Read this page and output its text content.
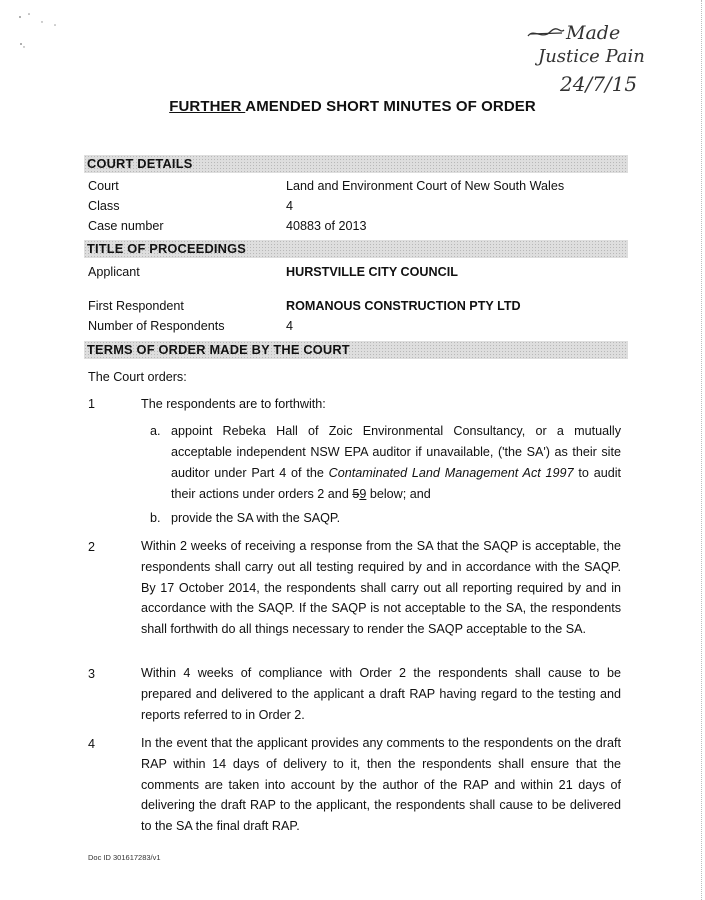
Made
Justice Pain
24/7/15
FURTHER AMENDED SHORT MINUTES OF ORDER
COURT DETAILS
Court	Land and Environment Court of New South Wales
Class	4
Case number	40883 of 2013
TITLE OF PROCEEDINGS
Applicant	HURSTVILLE CITY COUNCIL
First Respondent	ROMANOUS CONSTRUCTION PTY LTD
Number of Respondents	4
TERMS OF ORDER MADE BY THE COURT
The Court orders:
1	The respondents are to forthwith:
a. appoint Rebeka Hall of Zoic Environmental Consultancy, or a mutually acceptable independent NSW EPA auditor if unavailable, ('the SA') as their site auditor under Part 4 of the Contaminated Land Management Act 1997 to audit their actions under orders 2 and 59 below; and
b. provide the SA with the SAQP.
2	Within 2 weeks of receiving a response from the SA that the SAQP is acceptable, the respondents shall carry out all testing required by and in accordance with the SAQP. By 17 October 2014, the respondents shall carry out all reporting required by and in accordance with the SAQP. If the SAQP is not acceptable to the SA, the respondents shall forthwith do all things necessary to render the SAQP acceptable to the SA.
3	Within 4 weeks of compliance with Order 2 the respondents shall cause to be prepared and delivered to the applicant a draft RAP having regard to the testing and reports referred to in Order 2.
4	In the event that the applicant provides any comments to the respondents on the draft RAP within 14 days of delivery to it, then the respondents shall ensure that the comments are taken into account by the author of the RAP and within 21 days of delivering the draft RAP to the applicant, the respondents shall cause to be delivered to the SA the final draft RAP.
Doc ID 301617283/v1
